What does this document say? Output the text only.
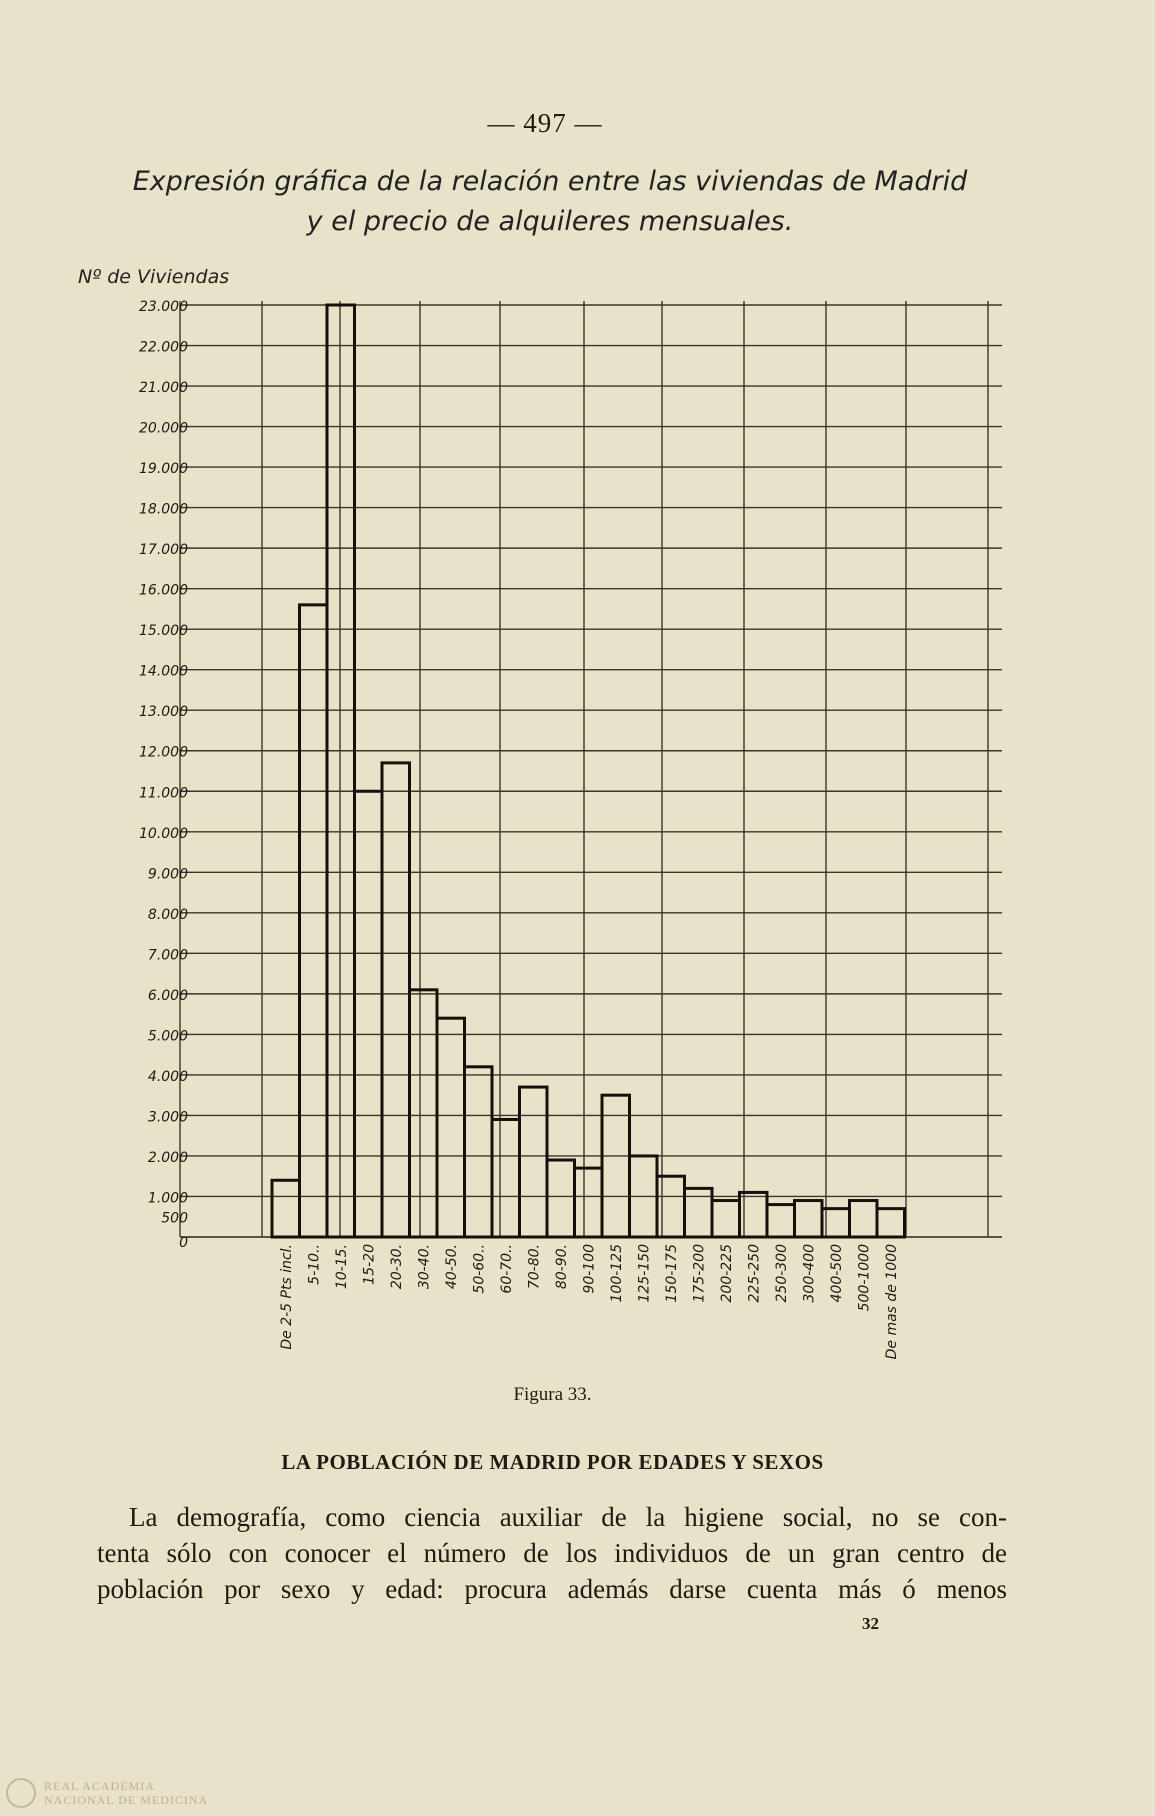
— 497 —
Expresión gráfica de la relación entre las viviendas de Madrid
y el precio de alquileres mensuales.
Nº de Viviendas
500
1.000
2.000
3.000
4.000
5.000
6.000
7.000
8.000
9.000
10.000
11.000
12.000
13.000
14.000
15.000
16.000
17.000
18.000
19.000
20.000
21.000
22.000
23.000
0
De 2-5 Pts incl. 5-10.. 10-15. 15-20 20-30. 30-40. 40-50. 50-60.. 60-70.. 70-80. 80-90. 90-100 100-125 125-150 150-175 175-200 200-225 225-250 250-300 300-400 400-500 500-1000 De mas de 1000
Figura 33.
LA POBLACIÓN DE MADRID POR EDADES Y SEXOS
La demografía, como ciencia auxiliar de la higiene social, no se con-
tenta sólo con conocer el número de los individuos de un gran centro de
población por sexo y edad: procura además darse cuenta más ó menos
32
REAL ACADEMIA
NACIONAL DE MEDICINA
